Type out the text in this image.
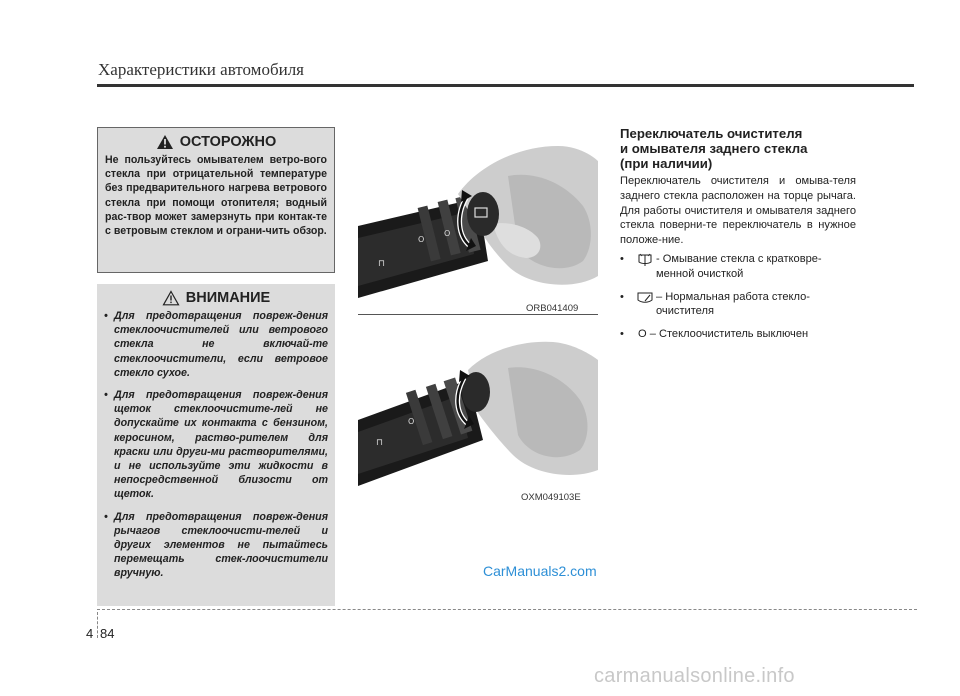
Характеристики автомобиля
ОСТОРОЖНО
Не пользуйтесь омывателем ветро-вого стекла при отрицательной температуре без предварительного нагрева ветрового стекла при помощи отопителя; водный рас-твор может замерзнуть при контак-те с ветровым стеклом и ограни-чить обзор.
ВНИМАНИЕ
• Для предотвращения повреж-дения стеклоочистителей или ветрового стекла не включай-те стеклоочистители, если ветровое стекло сухое.
• Для предотвращения повреж-дения щеток стеклоочистите-лей не допускайте их контакта с бензином, керосином, раство-рителем для краски или други-ми растворителями, и не используйте эти жидкости в непосредственной близости от щеток.
• Для предотвращения повреж-дения рычагов стеклоочисти-телей и других элементов не пытайтесь перемещать стек-лоочистители вручную.
⊓
O
O
ORB041409
⊓
O
OXM049103E
Переключатель очистителя
и омывателя заднего стекла
(при наличии)
Переключатель очистителя и омыва-теля заднего стекла расположен на торце рычага. Для работы очистителя и омывателя заднего стекла поверни-те переключатель в нужное положе-ние.
•	- Омывание стекла с кратковре-менной очисткой
•	– Нормальная работа стекло-очистителя
•	О – Стеклоочиститель выключен
CarManuals2.com
4 84
carmanualsonline.info
